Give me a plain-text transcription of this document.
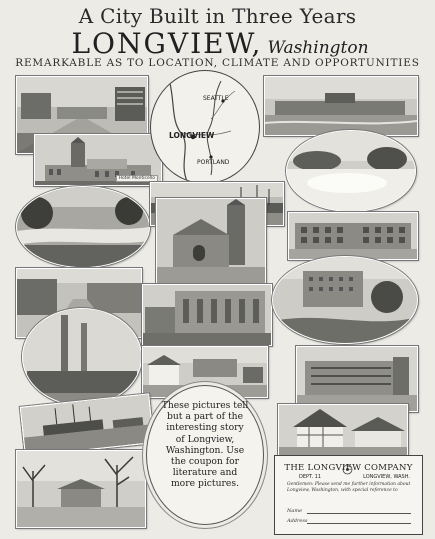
A City Built in Three Years
LONGVIEW, Washington
REMARKABLE AS TO LOCATION, CLIMATE AND OPPORTUNITIES
Hotel Monticello
SEATTLE
LONGVIEW
PORTLAND

These pictures tell but a part of the interesting story of Longview, Washington. Use the coupon for literature and more pictures.

THE LONGVIEW COMPANY
DEPT. 11	LONGVIEW, WASH.
Gentlemen: Please send me further information about Longview, Washington, with special reference to
Name
Address
